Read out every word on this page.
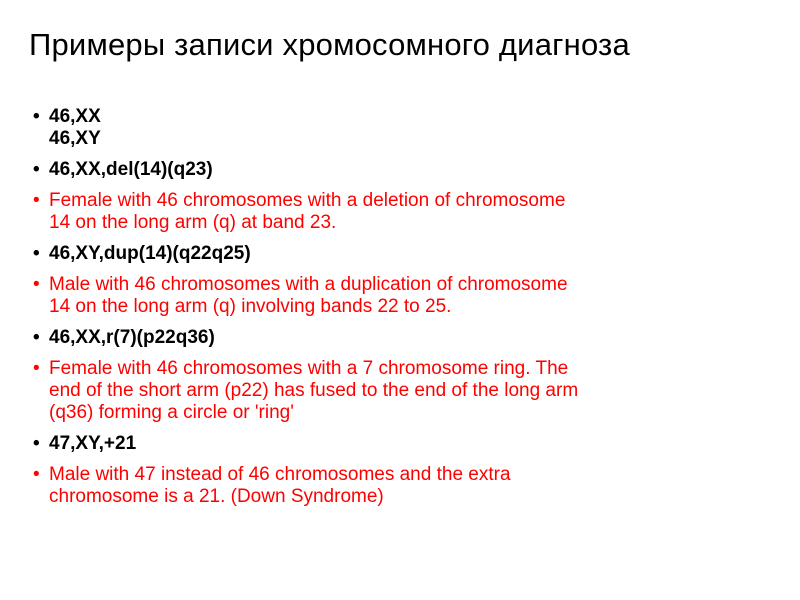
Примеры записи хромосомного диагноза
• 46,XX
46,XY
• 46,XX,del(14)(q23)
• Female with 46 chromosomes with a deletion of chromosome
14 on the long arm (q) at band 23.
• 46,XY,dup(14)(q22q25)
• Male with 46 chromosomes with a duplication of chromosome
14 on the long arm (q) involving bands 22 to 25.
• 46,XX,r(7)(p22q36)
• Female with 46 chromosomes with a 7 chromosome ring. The
end of the short arm (p22) has fused to the end of the long arm
(q36) forming a circle or 'ring'
• 47,XY,+21
• Male with 47 instead of 46 chromosomes and the extra
chromosome is a 21. (Down Syndrome)
